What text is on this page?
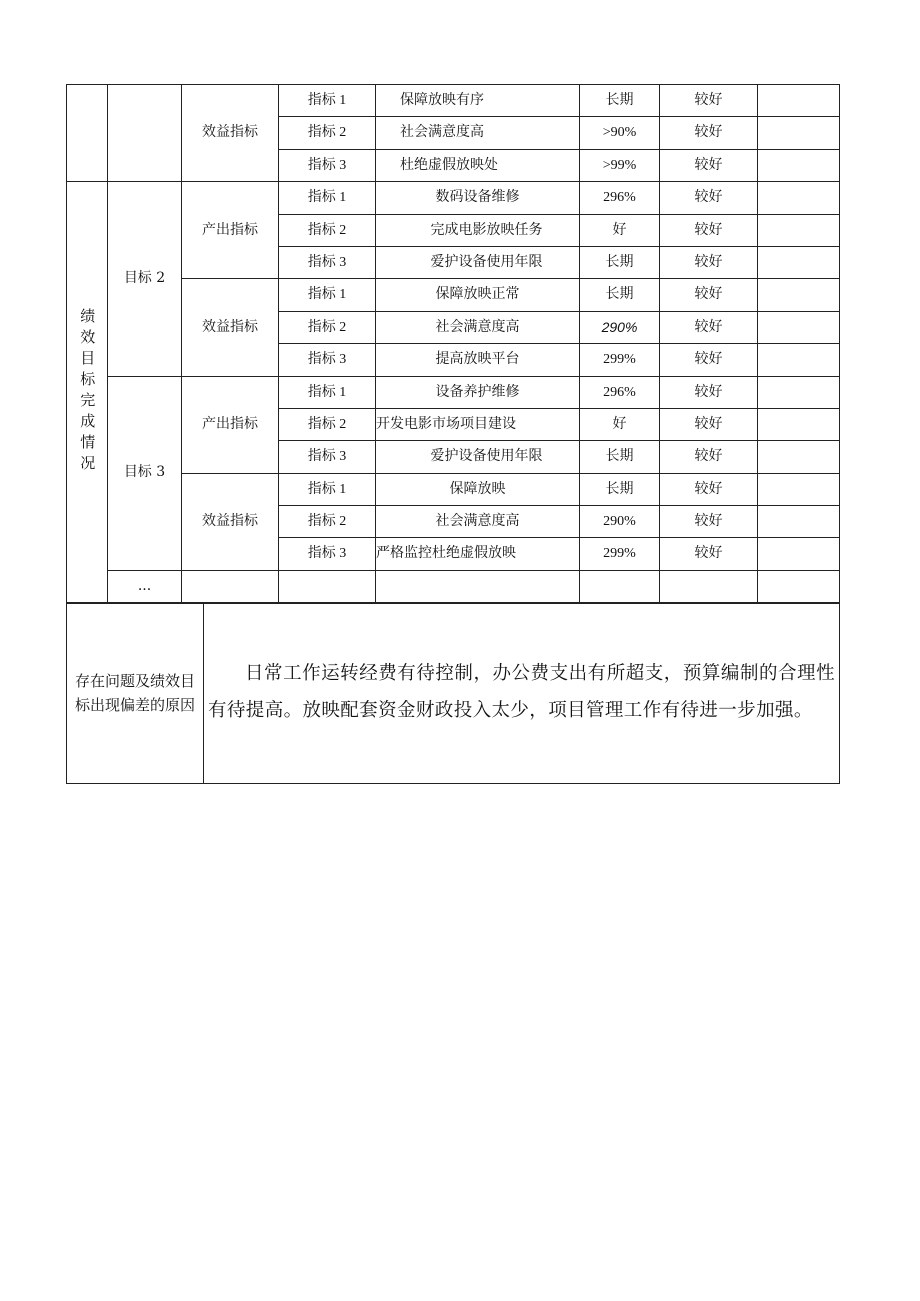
		效益指标	指标 1	保障放映有序	长期	较好	
			指标 2	社会满意度高	>90%	较好	
			指标 3	杜绝虚假放映处	>99%	较好	

绩效目标完成情况	目标 2	产出指标	指标 1	数码设备维修	296%	较好	
			指标 2	完成电影放映任务	好	较好	
			指标 3	爱护设备使用年限	长期	较好	
		效益指标	指标 1	保障放映正常	长期	较好	
			指标 2	社会满意度高	290%	较好	
			指标 3	提高放映平台	299%	较好	
	目标 3	产出指标	指标 1	设备养护维修	296%	较好	
			指标 2	开发电影市场项目建设	好	较好	
			指标 3	爱护设备使用年限	长期	较好	
		效益指标	指标 1	保障放映	长期	较好	
			指标 2	社会满意度高	290%	较好	
			指标 3	严格监控杜绝虚假放映	299%	较好	
	...						
存在问题及绩效目标出现偏差的原因	
日常工作运转经费有待控制，办公费支出有所超支，预算编制的合理性有待提高。放映配套资金财政投入太少，项目管理工作有待进一步加强。
